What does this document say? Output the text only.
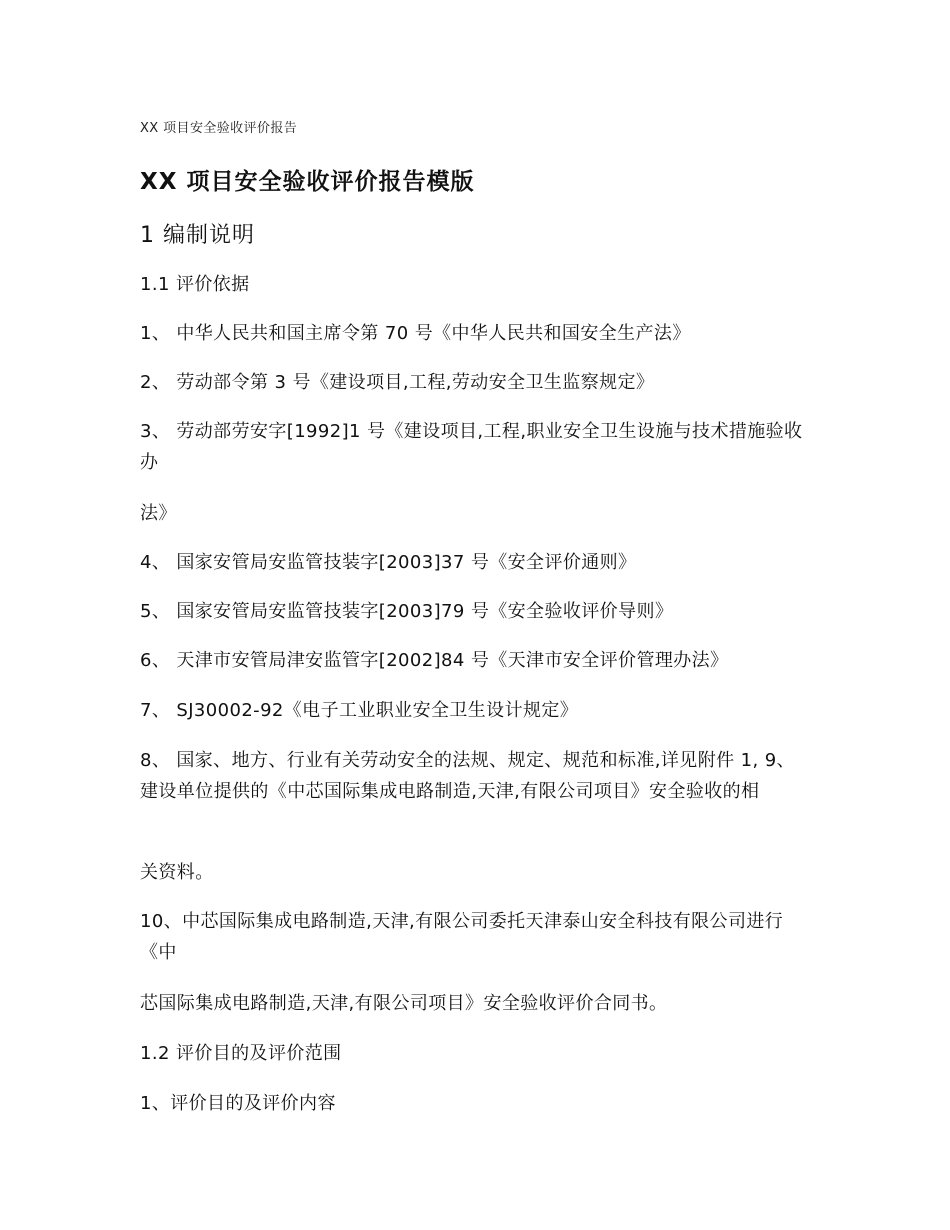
XX 项目安全验收评价报告

XX 项目安全验收评价报告模版

1 编制说明

1.1 评价依据

1、 中华人民共和国主席令第 70 号《中华人民共和国安全生产法》

2、 劳动部令第 3 号《建设项目,工程,劳动安全卫生监察规定》

3、 劳动部劳安字[1992]1 号《建设项目,工程,职业安全卫生设施与技术措施验收办

法》

4、 国家安管局安监管技装字[2003]37 号《安全评价通则》

5、 国家安管局安监管技装字[2003]79 号《安全验收评价导则》

6、 天津市安管局津安监管字[2002]84 号《天津市安全评价管理办法》

7、 SJ30002-92《电子工业职业安全卫生设计规定》

8、 国家、地方、行业有关劳动安全的法规、规定、规范和标准,详见附件 1, 9、 建设单位提供的《中芯国际集成电路制造,天津,有限公司项目》安全验收的相

关资料。

10、中芯国际集成电路制造,天津,有限公司委托天津泰山安全科技有限公司进行《中

芯国际集成电路制造,天津,有限公司项目》安全验收评价合同书。

1.2 评价目的及评价范围

1、评价目的及评价内容
